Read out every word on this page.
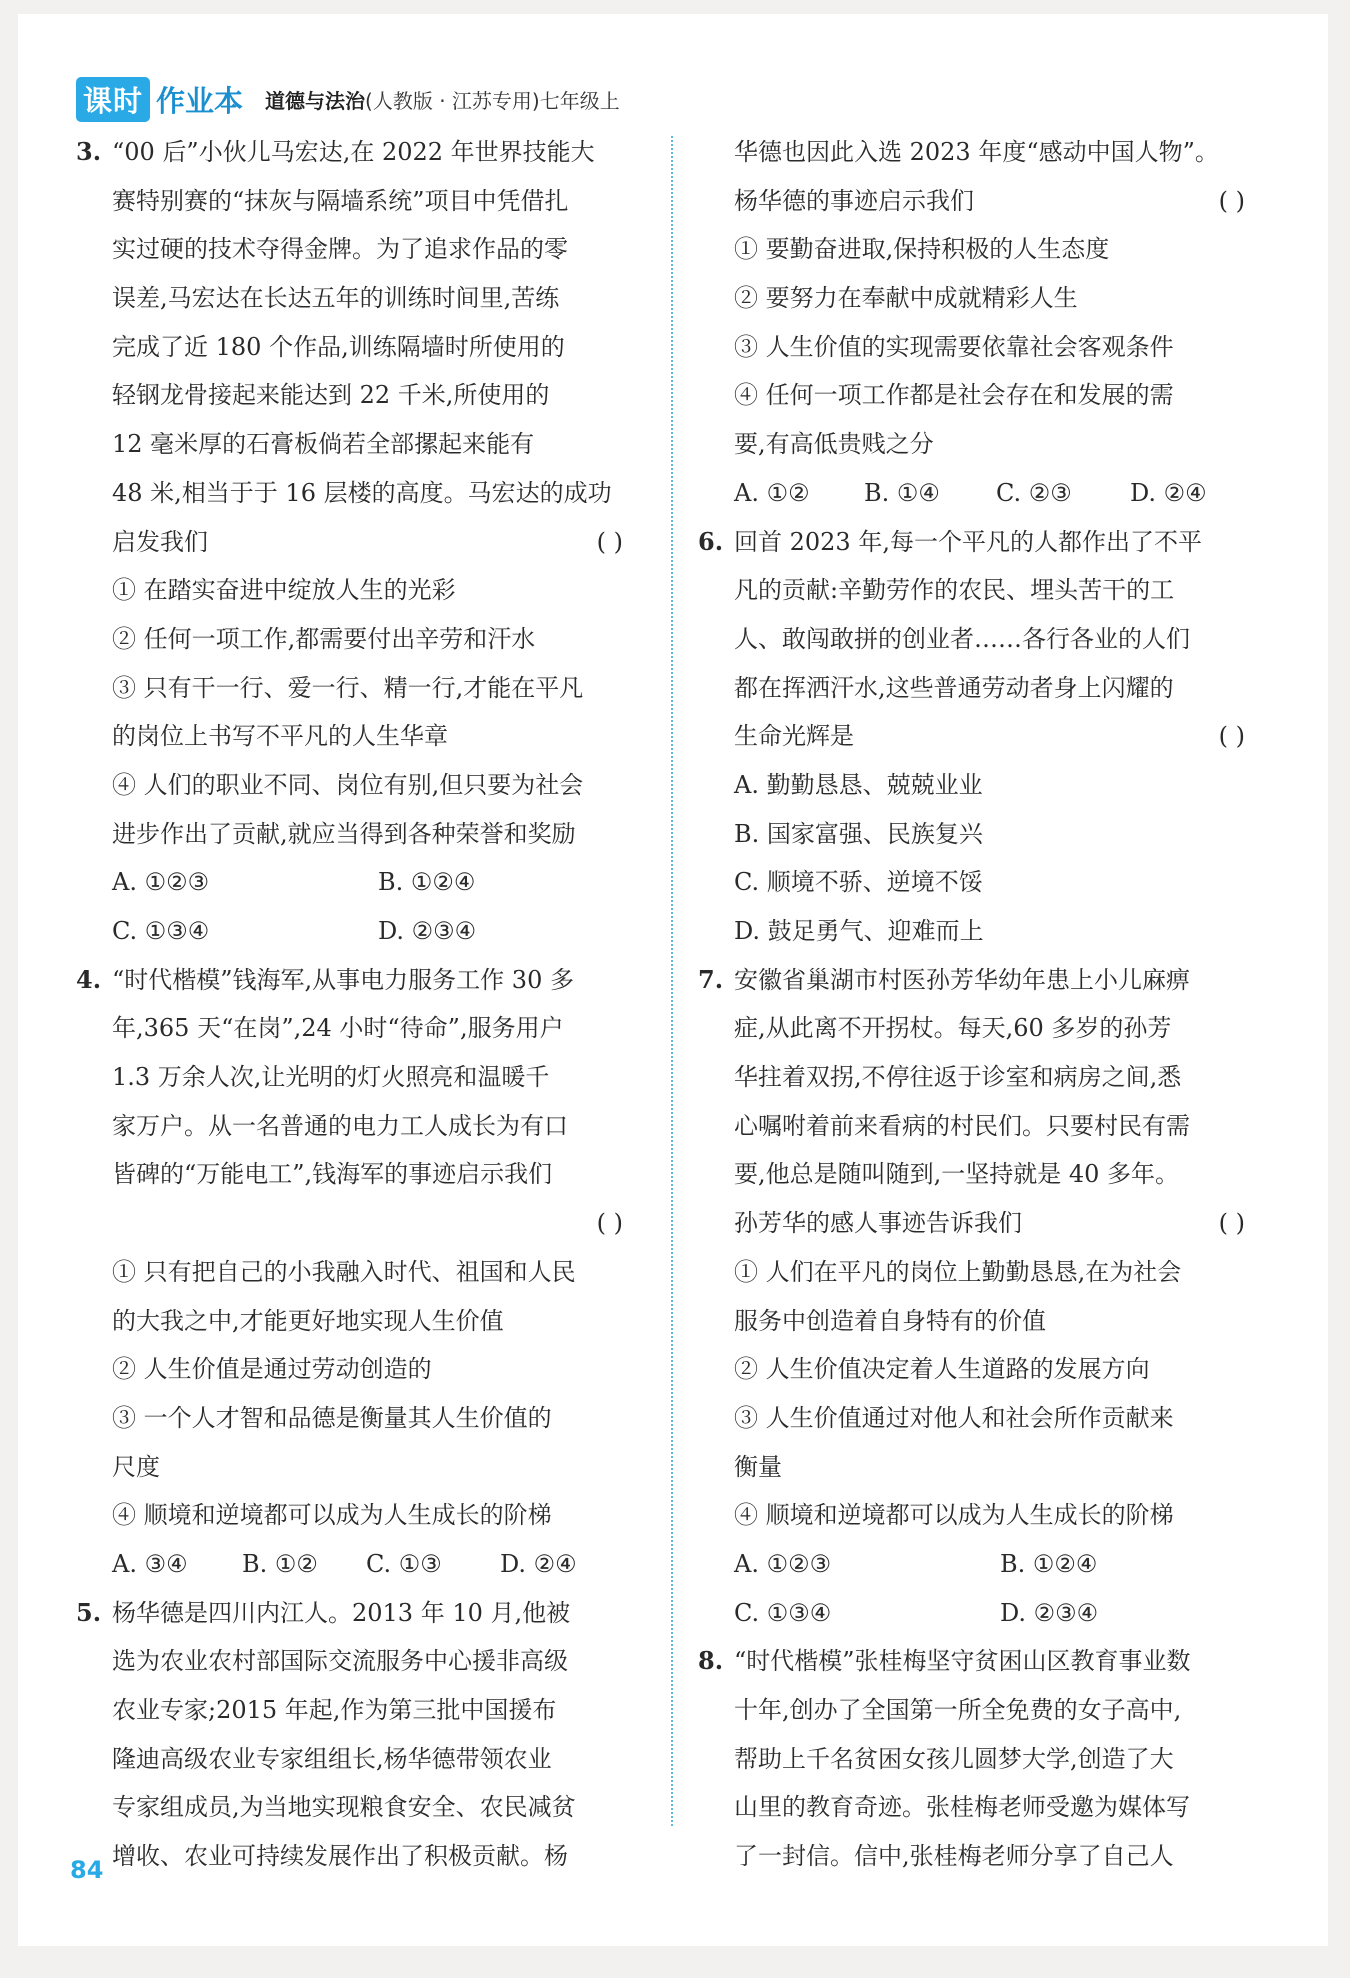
课时 作业本 道德与法治 (人教版 · 江苏专用)七年级上
3. “00 后”小伙儿马宏达,在 2022 年世界技能大
赛特别赛的“抹灰与隔墙系统”项目中凭借扎
实过硬的技术夺得金牌。为了追求作品的零
误差,马宏达在长达五年的训练时间里,苦练
完成了近 180 个作品,训练隔墙时所使用的
轻钢龙骨接起来能达到 22 千米,所使用的
12 毫米厚的石膏板倘若全部摞起来能有
48 米,相当于于 16 层楼的高度。马宏达的成功
启发我们	( )
① 在踏实奋进中绽放人生的光彩
② 任何一项工作,都需要付出辛劳和汗水
③ 只有干一行、爱一行、精一行,才能在平凡
的岗位上书写不平凡的人生华章
④ 人们的职业不同、岗位有别,但只要为社会
进步作出了贡献,就应当得到各种荣誉和奖励
A. ①②③	B. ①②④
C. ①③④	D. ②③④
4. “时代楷模”钱海军,从事电力服务工作 30 多
年,365 天“在岗”,24 小时“待命”,服务用户
1.3 万余人次,让光明的灯火照亮和温暖千
家万户。从一名普通的电力工人成长为有口
皆碑的“万能电工”,钱海军的事迹启示我们
( )
① 只有把自己的小我融入时代、祖国和人民
的大我之中,才能更好地实现人生价值
② 人生价值是通过劳动创造的
③ 一个人才智和品德是衡量其人生价值的
尺度
④ 顺境和逆境都可以成为人生成长的阶梯
A. ③④	B. ①②	C. ①③	D. ②④
5. 杨华德是四川内江人。2013 年 10 月,他被
选为农业农村部国际交流服务中心援非高级
农业专家;2015 年起,作为第三批中国援布
隆迪高级农业专家组组长,杨华德带领农业
专家组成员,为当地实现粮食安全、农民减贫
增收、农业可持续发展作出了积极贡献。杨
华德也因此入选 2023 年度“感动中国人物”。
杨华德的事迹启示我们	( )
① 要勤奋进取,保持积极的人生态度
② 要努力在奉献中成就精彩人生
③ 人生价值的实现需要依靠社会客观条件
④ 任何一项工作都是社会存在和发展的需
要,有高低贵贱之分
A. ①②	B. ①④	C. ②③	D. ②④
6. 回首 2023 年,每一个平凡的人都作出了不平
凡的贡献:辛勤劳作的农民、埋头苦干的工
人、敢闯敢拼的创业者……各行各业的人们
都在挥洒汗水,这些普通劳动者身上闪耀的
生命光辉是	( )
A. 勤勤恳恳、兢兢业业
B. 国家富强、民族复兴
C. 顺境不骄、逆境不馁
D. 鼓足勇气、迎难而上
7. 安徽省巢湖市村医孙芳华幼年患上小儿麻痹
症,从此离不开拐杖。每天,60 多岁的孙芳
华拄着双拐,不停往返于诊室和病房之间,悉
心嘱咐着前来看病的村民们。只要村民有需
要,他总是随叫随到,一坚持就是 40 多年。
孙芳华的感人事迹告诉我们	( )
① 人们在平凡的岗位上勤勤恳恳,在为社会
服务中创造着自身特有的价值
② 人生价值决定着人生道路的发展方向
③ 人生价值通过对他人和社会所作贡献来
衡量
④ 顺境和逆境都可以成为人生成长的阶梯
A. ①②③	B. ①②④
C. ①③④	D. ②③④
8. “时代楷模”张桂梅坚守贫困山区教育事业数
十年,创办了全国第一所全免费的女子高中,
帮助上千名贫困女孩儿圆梦大学,创造了大
山里的教育奇迹。张桂梅老师受邀为媒体写
了一封信。信中,张桂梅老师分享了自己人
84
